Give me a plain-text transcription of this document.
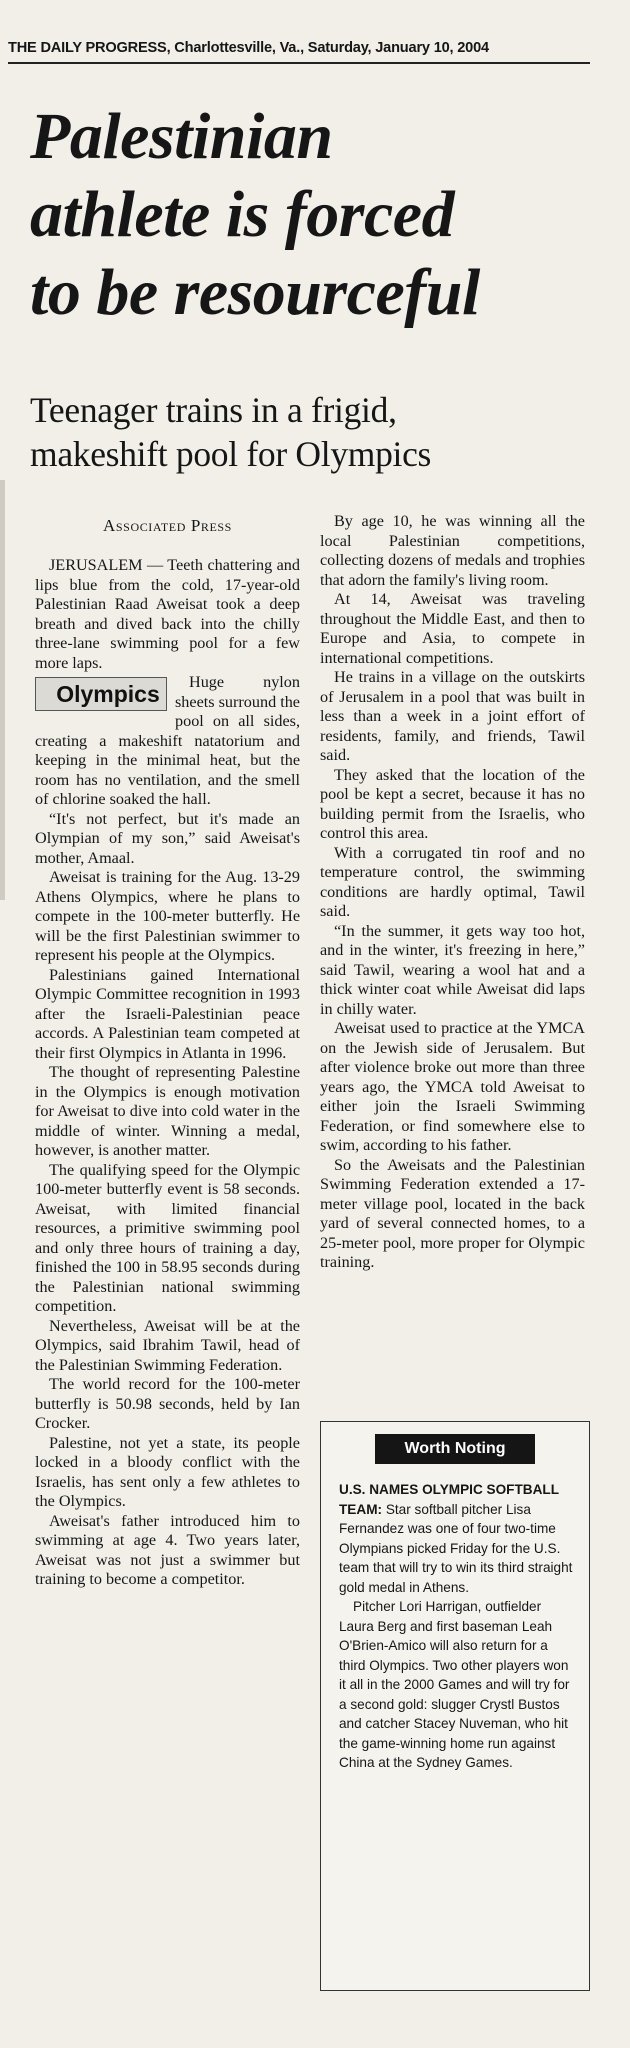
THE DAILY PROGRESS, Charlottesville, Va., Saturday, January 10, 2004
Palestinian
athlete is forced
to be resourceful
Teenager trains in a frigid,
makeshift pool for Olympics
Associated Press

JERUSALEM — Teeth chattering and lips blue from the cold, 17-year-old Palestinian Raad Aweisat took a deep breath and dived back into the chilly three-lane swimming pool for a few more laps.

Olympics	Huge nylon sheets surround the pool on all sides, creating a makeshift natatorium and keeping in the minimal heat, but the room has no ventilation, and the smell of chlorine soaked the hall.

“It's not perfect, but it's made an Olympian of my son,” said Aweisat's mother, Amaal.

Aweisat is training for the Aug. 13-29 Athens Olympics, where he plans to compete in the 100-meter butterfly. He will be the first Palestinian swimmer to represent his people at the Olympics.

Palestinians gained International Olympic Committee recognition in 1993 after the Israeli-Palestinian peace accords. A Palestinian team competed at their first Olympics in Atlanta in 1996.

The thought of representing Palestine in the Olympics is enough motivation for Aweisat to dive into cold water in the middle of winter. Winning a medal, however, is another matter.

The qualifying speed for the Olympic 100-meter butterfly event is 58 seconds. Aweisat, with limited financial resources, a primitive swimming pool and only three hours of training a day, finished the 100 in 58.95 seconds during the Palestinian national swimming competition.

Nevertheless, Aweisat will be at the Olympics, said Ibrahim Tawil, head of the Palestinian Swimming Federation.

The world record for the 100-meter butterfly is 50.98 seconds, held by Ian Crocker.

Palestine, not yet a state, its people locked in a bloody conflict with the Israelis, has sent only a few athletes to the Olympics.

Aweisat's father introduced him to swimming at age 4. Two years later, Aweisat was not just a swimmer but training to become a competitor.

By age 10, he was winning all the local Palestinian competitions, collecting dozens of medals and trophies that adorn the family's living room.

At 14, Aweisat was traveling throughout the Middle East, and then to Europe and Asia, to compete in international competitions.

He trains in a village on the outskirts of Jerusalem in a pool that was built in less than a week in a joint effort of residents, family, and friends, Tawil said.

They asked that the location of the pool be kept a secret, because it has no building permit from the Israelis, who control this area.

With a corrugated tin roof and no temperature control, the swimming conditions are hardly optimal, Tawil said.

“In the summer, it gets way too hot, and in the winter, it's freezing in here,” said Tawil, wearing a wool hat and a thick winter coat while Aweisat did laps in chilly water.

Aweisat used to practice at the YMCA on the Jewish side of Jerusalem. But after violence broke out more than three years ago, the YMCA told Aweisat to either join the Israeli Swimming Federation, or find somewhere else to swim, according to his father.

So the Aweisats and the Palestinian Swimming Federation extended a 17-meter village pool, located in the back yard of several connected homes, to a 25-meter pool, more proper for Olympic training.

Worth Noting

U.S. NAMES OLYMPIC SOFTBALL TEAM: Star softball pitcher Lisa Fernandez was one of four two-time Olympians picked Friday for the U.S. team that will try to win its third straight gold medal in Athens.

Pitcher Lori Harrigan, outfielder Laura Berg and first baseman Leah O'Brien-Amico will also return for a third Olympics. Two other players won it all in the 2000 Games and will try for a second gold: slugger Crystl Bustos and catcher Stacey Nuveman, who hit the game-winning home run against China at the Sydney Games.
